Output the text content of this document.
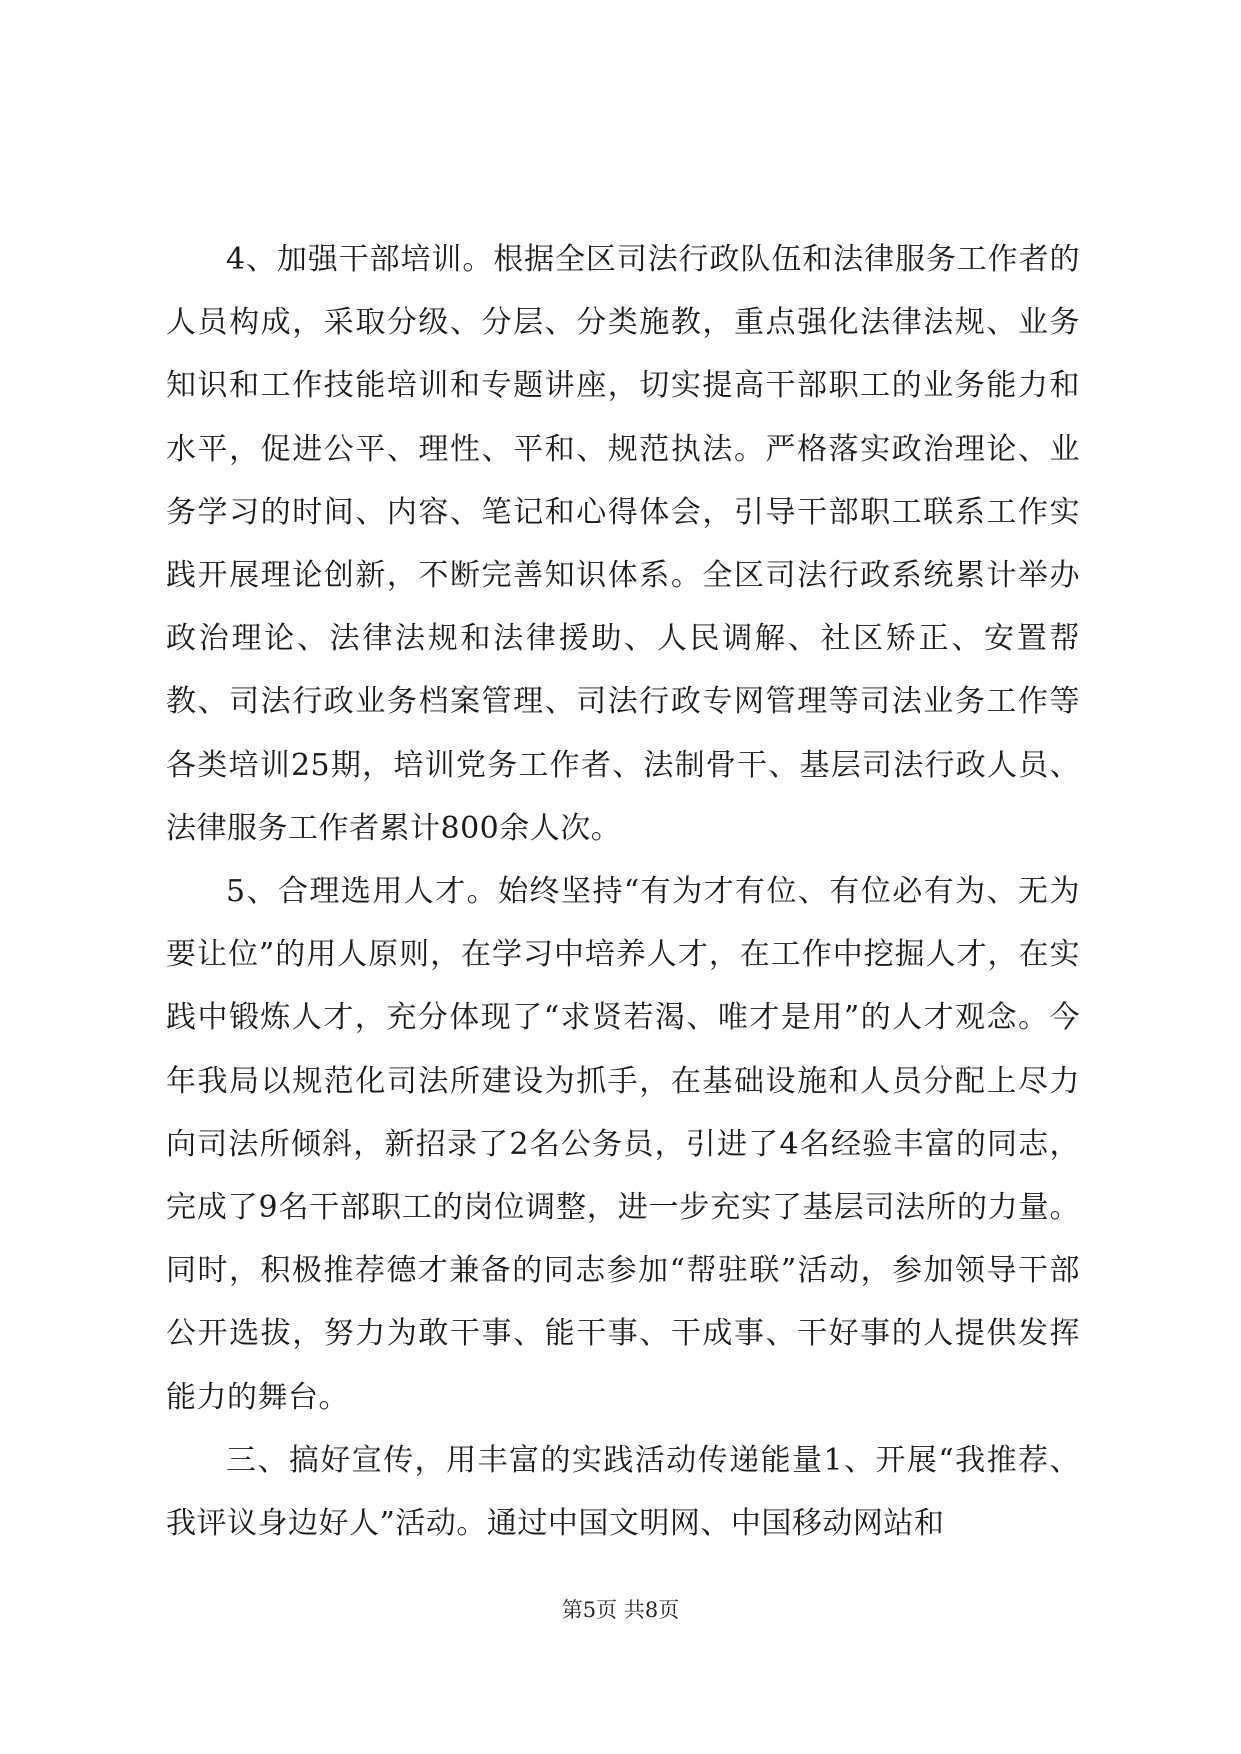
4、加强干部培训。根据全区司法行政队伍和法律服务工作者的人员构成，采取分级、分层、分类施教，重点强化法律法规、业务知识和工作技能培训和专题讲座，切实提高干部职工的业务能力和水平，促进公平、理性、平和、规范执法。严格落实政治理论、业务学习的时间、内容、笔记和心得体会，引导干部职工联系工作实践开展理论创新，不断完善知识体系。全区司法行政系统累计举办政治理论、法律法规和法律援助、人民调解、社区矫正、安置帮教、司法行政业务档案管理、司法行政专网管理等司法业务工作等各类培训25期，培训党务工作者、法制骨干、基层司法行政人员、法律服务工作者累计800余人次。

5、合理选用人才。始终坚持“有为才有位、有位必有为、无为要让位”的用人原则，在学习中培养人才，在工作中挖掘人才，在实践中锻炼人才，充分体现了“求贤若渴、唯才是用”的人才观念。今年我局以规范化司法所建设为抓手，在基础设施和人员分配上尽力向司法所倾斜，新招录了2名公务员，引进了4名经验丰富的同志，完成了9名干部职工的岗位调整，进一步充实了基层司法所的力量。同时，积极推荐德才兼备的同志参加“帮驻联”活动，参加领导干部公开选拔，努力为敢干事、能干事、干成事、干好事的人提供发挥能力的舞台。

三、搞好宣传，用丰富的实践活动传递能量1、开展“我推荐、我评议身边好人”活动。通过中国文明网、中国移动网站和

第5页 共8页
